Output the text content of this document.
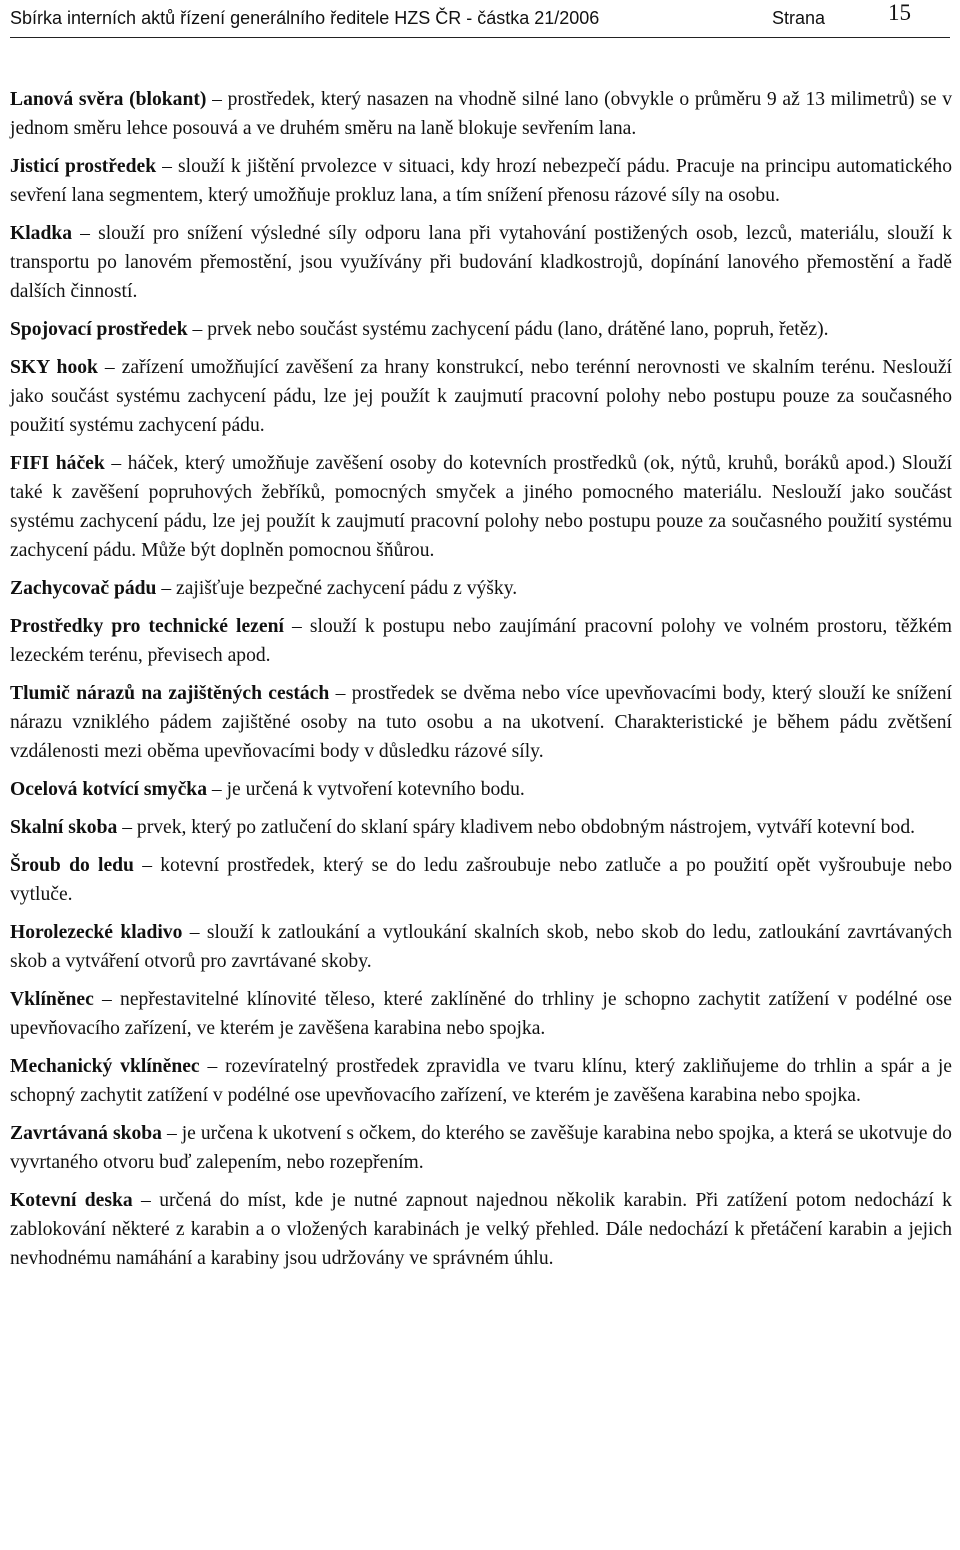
Sbírka interních aktů řízení generálního ředitele HZS ČR - částka 21/2006	Strana	15

Lanová svěra (blokant) – prostředek, který nasazen na vhodně silné lano (obvykle o průměru 9 až 13 milimetrů) se v jednom směru lehce posouvá a ve druhém směru na laně blokuje sevřením lana.

Jisticí prostředek – slouží k jištění prvolezce v situaci, kdy hrozí nebezpečí pádu. Pracuje na principu automatického sevření lana segmentem, který umožňuje prokluz lana, a tím snížení přenosu rázové síly na osobu.

Kladka – slouží pro snížení výsledné síly odporu lana při vytahování postižených osob, lezců, materiálu, slouží k transportu po lanovém přemostění, jsou využívány při budování kladkostrojů, dopínání lanového přemostění a řadě dalších činností.

Spojovací prostředek – prvek nebo součást systému zachycení pádu (lano, drátěné lano, popruh, řetěz).

SKY hook – zařízení umožňující zavěšení za hrany konstrukcí, nebo terénní nerovnosti ve skalním terénu. Neslouží jako součást systému zachycení pádu, lze jej použít k zaujmutí pracovní polohy nebo postupu pouze za současného použití systému zachycení pádu.

FIFI háček – háček, který umožňuje zavěšení osoby do kotevních prostředků (ok, nýtů, kruhů, boráků apod.) Slouží také k zavěšení popruhových žebříků, pomocných smyček a jiného pomocného materiálu. Neslouží jako součást systému zachycení pádu, lze jej použít k zaujmutí pracovní polohy nebo postupu pouze za současného použití systému zachycení pádu. Může být doplněn pomocnou šňůrou.

Zachycovač pádu – zajišťuje bezpečné zachycení pádu z výšky.

Prostředky pro technické lezení – slouží k postupu nebo zaujímání pracovní polohy ve volném prostoru, těžkém lezeckém terénu, převisech apod.

Tlumič nárazů na zajištěných cestách – prostředek se dvěma nebo více upevňovacími body, který slouží ke snížení nárazu vzniklého pádem zajištěné osoby na tuto osobu a na ukotvení. Charakteristické je během pádu zvětšení vzdálenosti mezi oběma upevňovacími body v důsledku rázové síly.

Ocelová kotvící smyčka – je určená k vytvoření kotevního bodu.

Skalní skoba – prvek, který po zatlučení do sklaní spáry kladivem nebo obdobným nástrojem, vytváří kotevní bod.

Šroub do ledu – kotevní prostředek, který se do ledu zašroubuje nebo zatluče a po použití opět vyšroubuje nebo vytluče.

Horolezecké kladivo – slouží k zatloukání a vytloukání skalních skob, nebo skob do ledu, zatloukání zavrtávaných skob a vytváření otvorů pro zavrtávané skoby.

Vklíněnec – nepřestavitelné klínovité těleso, které zaklíněné do trhliny je schopno zachytit zatížení v podélné ose upevňovacího zařízení, ve kterém je zavěšena karabina nebo spojka.

Mechanický vklíněnec – rozevíratelný prostředek zpravidla ve tvaru klínu, který zakliňujeme do trhlin a spár a je schopný zachytit zatížení v podélné ose upevňovacího zařízení, ve kterém je zavěšena karabina nebo spojka.

Zavrtávaná skoba – je určena k ukotvení s očkem, do kterého se zavěšuje karabina nebo spojka, a která se ukotvuje do vyvrtaného otvoru buď zalepením, nebo rozepřením.

Kotevní deska – určená do míst, kde je nutné zapnout najednou několik karabin. Při zatížení potom nedochází k zablokování některé z karabin a o vložených karabinách je velký přehled. Dále nedochází k přetáčení karabin a jejich nevhodnému namáhání a karabiny jsou udržovány ve správném úhlu.
